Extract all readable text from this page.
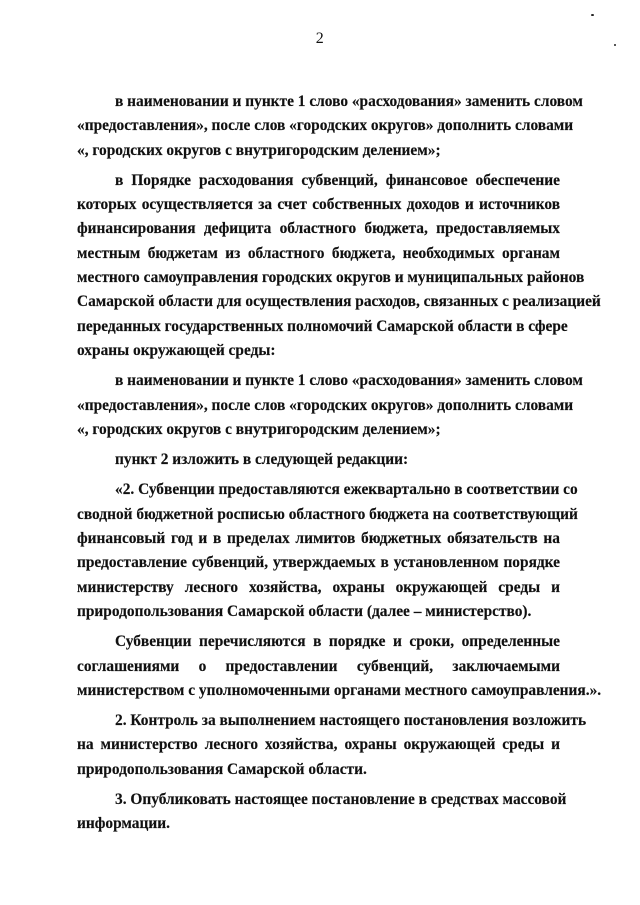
2
в наименовании и пункте 1 слово «расходования» заменить словом
«предоставления», после слов «городских округов» дополнить словами
«, городских округов с внутригородским делением»;
в Порядке расходования субвенций, финансовое обеспечение
которых осуществляется за счет собственных доходов и источников
финансирования дефицита областного бюджета, предоставляемых
местным бюджетам из областного бюджета, необходимых органам
местного самоуправления городских округов и муниципальных районов
Самарской области для осуществления расходов, связанных с реализацией
переданных государственных полномочий Самарской области в сфере
охраны окружающей среды:
в наименовании и пункте 1 слово «расходования» заменить словом
«предоставления», после слов «городских округов» дополнить словами
«, городских округов с внутригородским делением»;
пункт 2 изложить в следующей редакции:
«2. Субвенции предоставляются ежеквартально в соответствии со
сводной бюджетной росписью областного бюджета на соответствующий
финансовый год и в пределах лимитов бюджетных обязательств на
предоставление субвенций, утверждаемых в установленном порядке
министерству лесного хозяйства, охраны окружающей среды и
природопользования Самарской области (далее – министерство).
Субвенции перечисляются в порядке и сроки, определенные
соглашениями о предоставлении субвенций, заключаемыми
министерством с уполномоченными органами местного самоуправления.».
2. Контроль за выполнением настоящего постановления возложить
на министерство лесного хозяйства, охраны окружающей среды и
природопользования Самарской области.
3. Опубликовать настоящее постановление в средствах массовой
информации.
